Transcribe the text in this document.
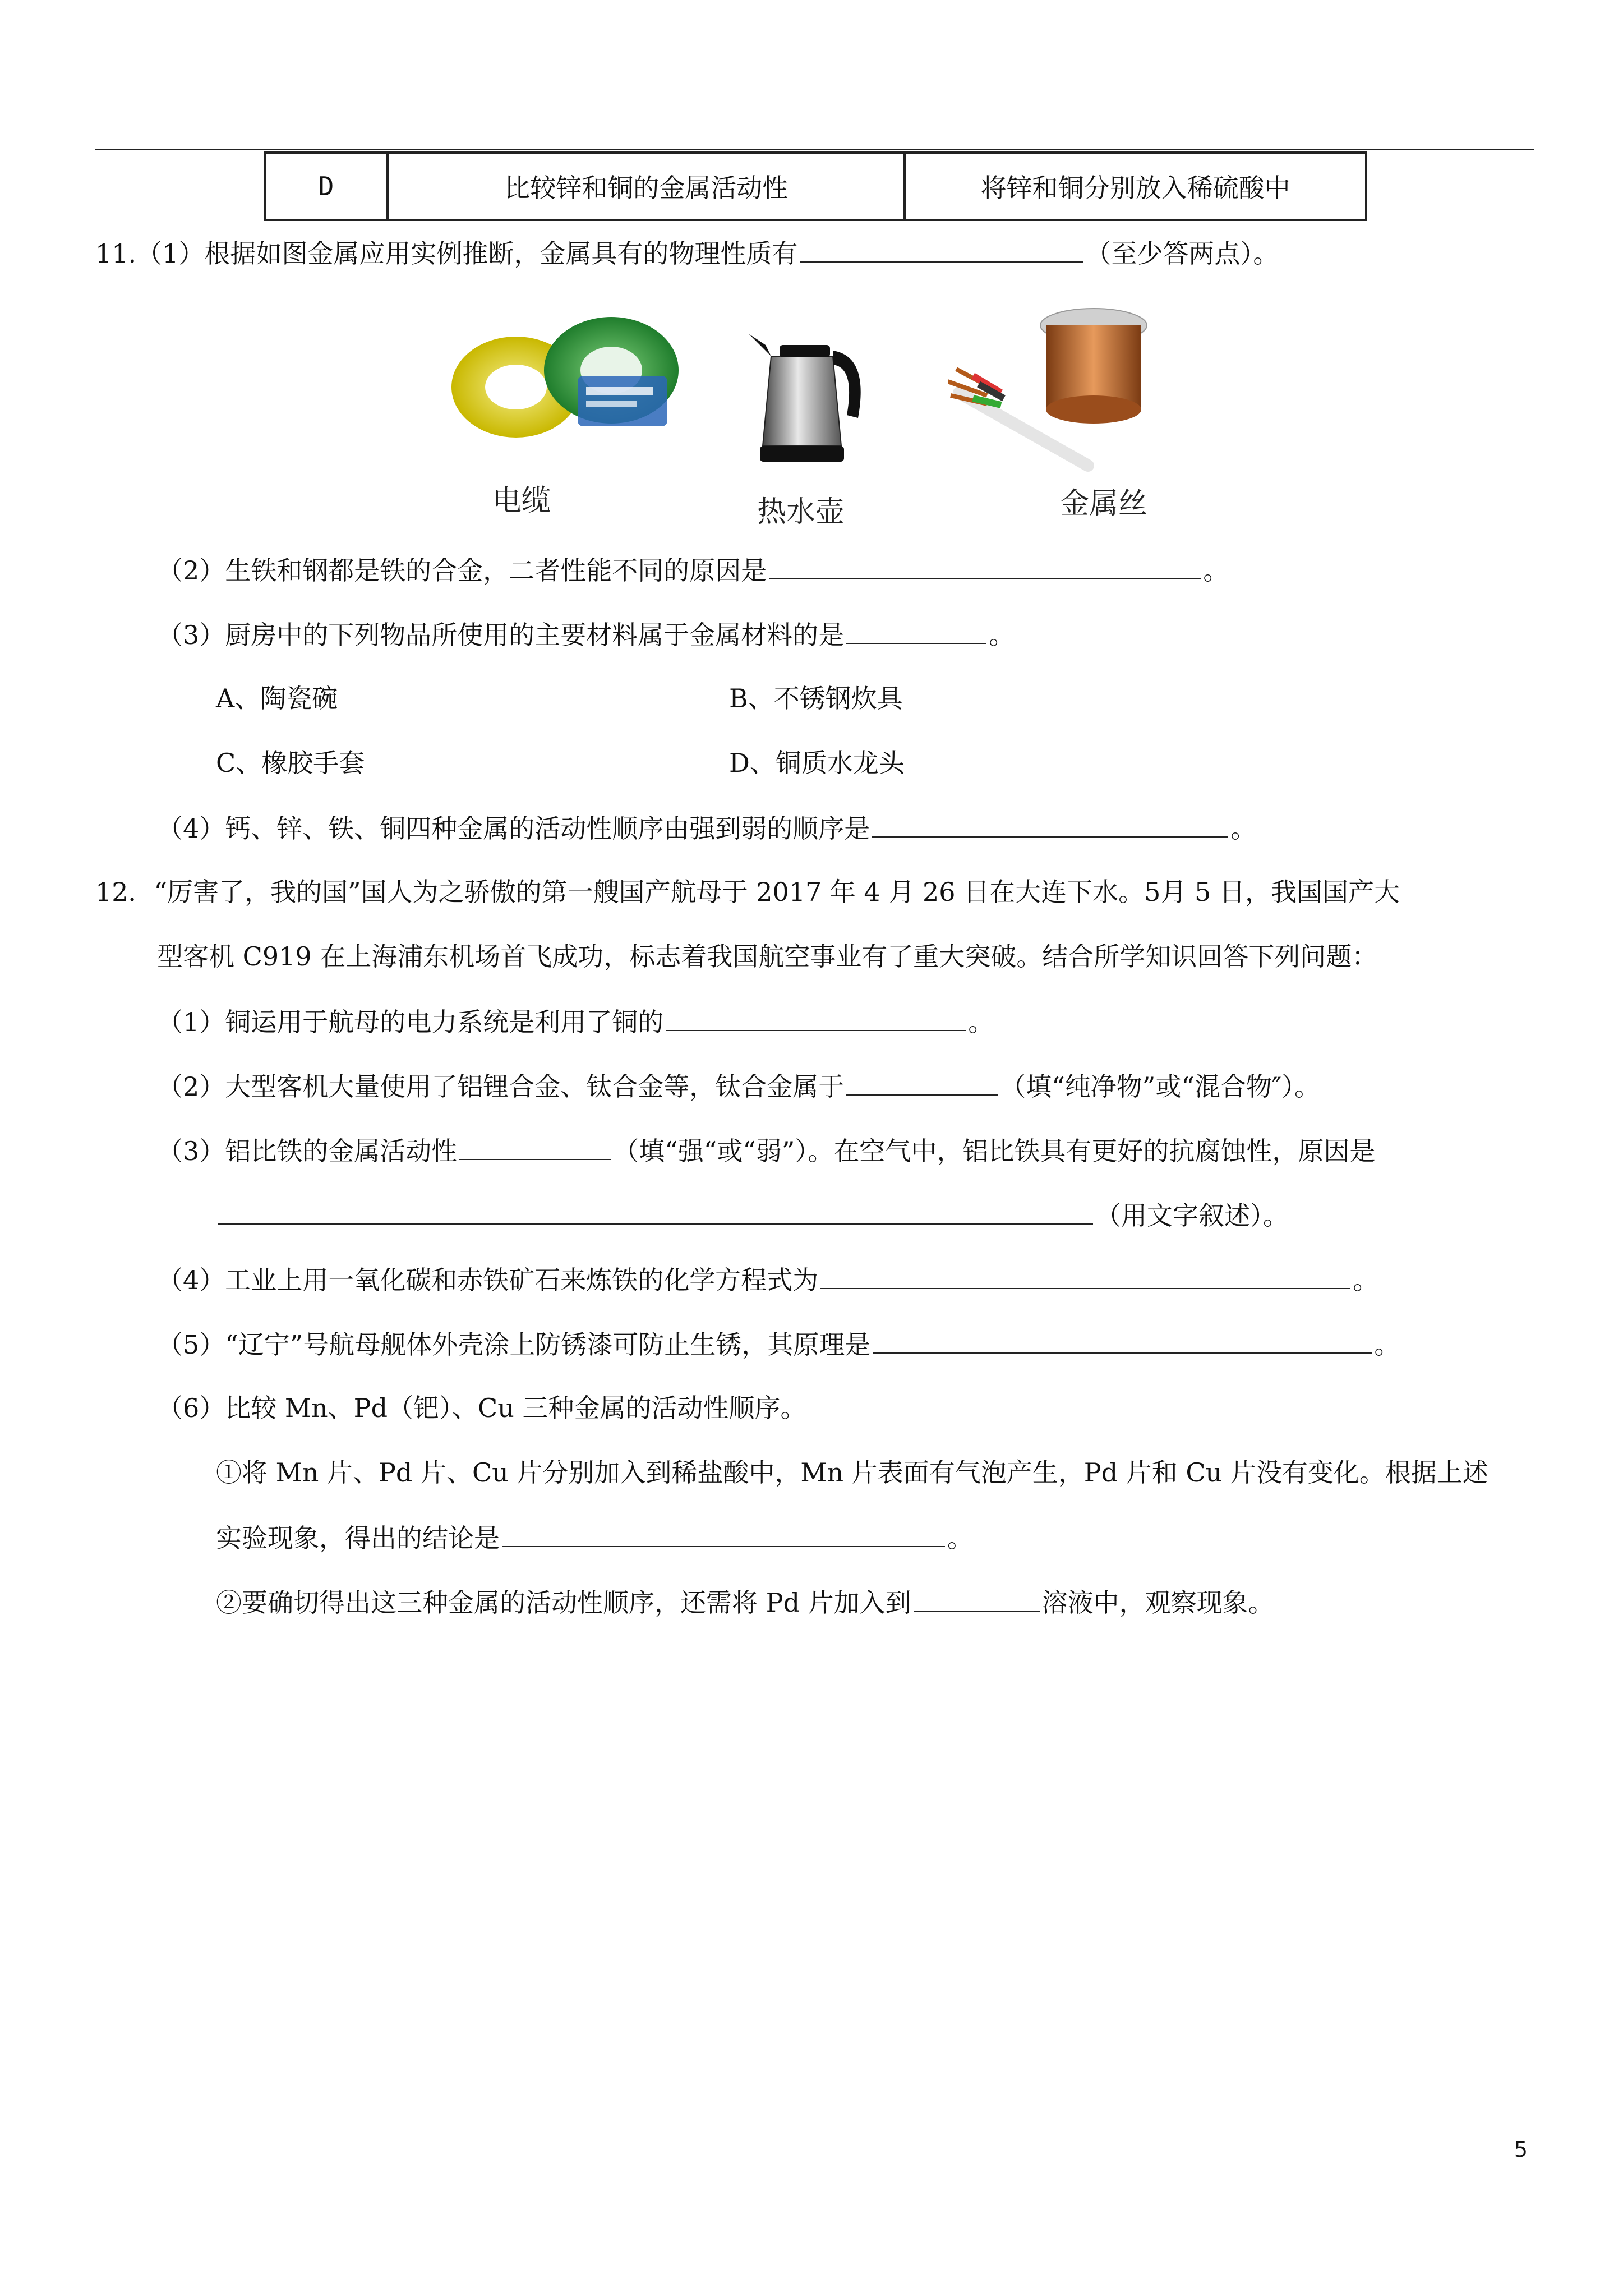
D	比较锌和铜的金属活动性	将锌和铜分别放入稀硫酸中
11.（1）根据如图金属应用实例推断，金属具有的物理性质有	（至少答两点）。
电缆	热水壶	金属丝
（2）生铁和钢都是铁的合金，二者性能不同的原因是	。
（3）厨房中的下列物品所使用的主要材料属于金属材料的是	。
A、陶瓷碗	B、不锈钢炊具
C、橡胶手套	D、铜质水龙头
（4）钙、锌、铁、铜四种金属的活动性顺序由强到弱的顺序是	。
12．“厉害了，我的国”国人为之骄傲的第一艘国产航母于 2017 年 4 月 26 日在大连下水。5月 5 日，我国国产大
型客机 C919 在上海浦东机场首飞成功，标志着我国航空事业有了重大突破。结合所学知识回答下列问题：
（1）铜运用于航母的电力系统是利用了铜的	。
（2）大型客机大量使用了铝锂合金、钛合金等，钛合金属于	（填“纯净物”或“混合物″）。
（3）铝比铁的金属活动性	（填“强“或“弱”）。在空气中，铝比铁具有更好的抗腐蚀性，原因是
（用文字叙述）。
（4）工业上用一氧化碳和赤铁矿石来炼铁的化学方程式为	。
（5）“辽宁”号航母舰体外壳涂上防锈漆可防止生锈，其原理是	。
（6）比较 Mn、Pd（钯）、Cu 三种金属的活动性顺序。
①将 Mn 片、Pd 片、Cu 片分别加入到稀盐酸中，Mn 片表面有气泡产生，Pd 片和 Cu 片没有变化。根据上述
实验现象，得出的结论是	。
②要确切得出这三种金属的活动性顺序，还需将 Pd 片加入到	溶液中，观察现象。
5
